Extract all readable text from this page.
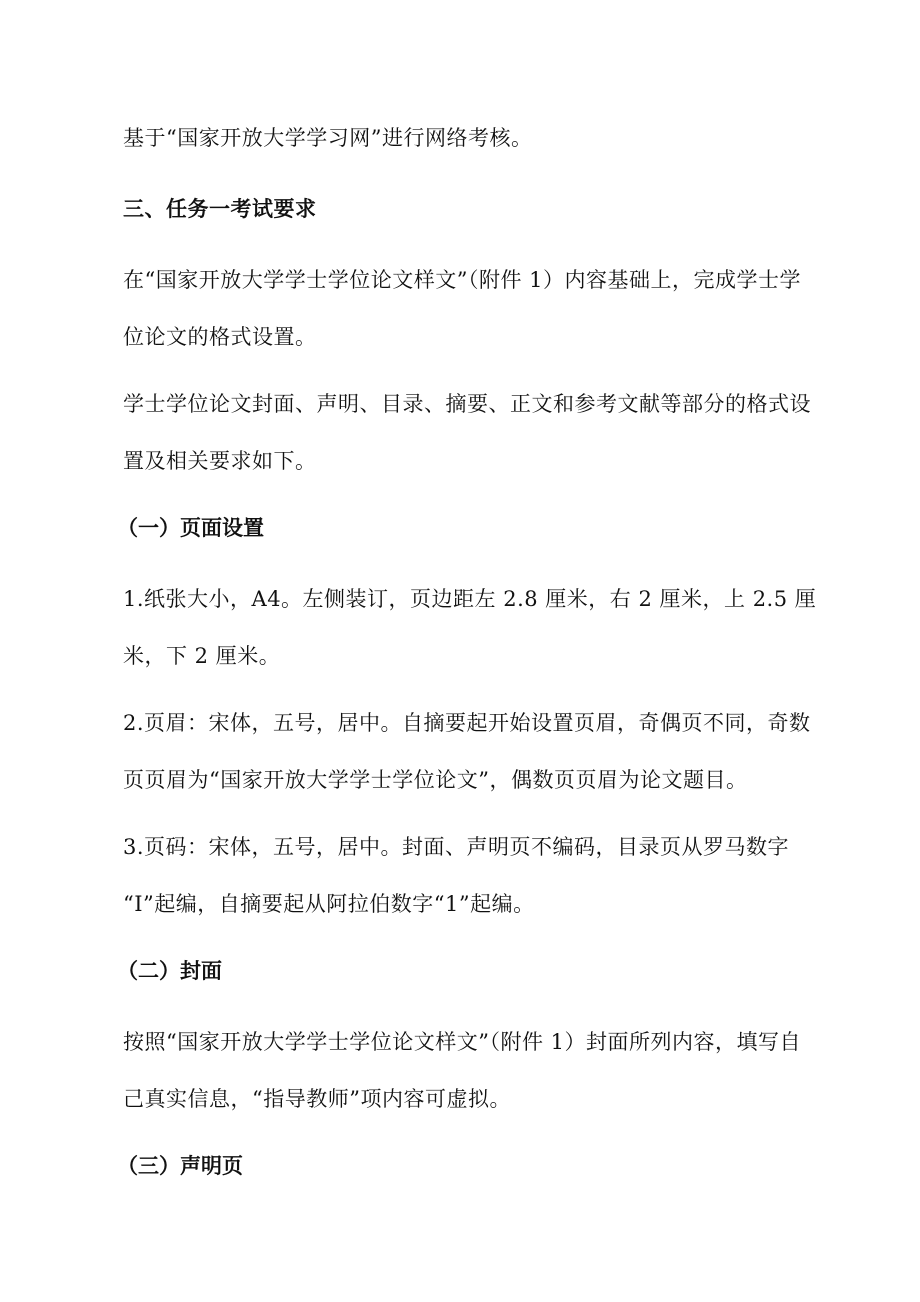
基于“国家开放大学学习网”进行网络考核。

三、任务一考试要求

在“国家开放大学学士学位论文样文”（附件 1）内容基础上，完成学士学
位论文的格式设置。

学士学位论文封面、声明、目录、摘要、正文和参考文献等部分的格式设
置及相关要求如下。

（一）页面设置

1.纸张大小，A4。左侧装订，页边距左 2.8 厘米，右 2 厘米，上 2.5 厘
米，下 2 厘米。

2.页眉：宋体，五号，居中。自摘要起开始设置页眉，奇偶页不同，奇数
页页眉为“国家开放大学学士学位论文”，偶数页页眉为论文题目。

3.页码：宋体，五号，居中。封面、声明页不编码，目录页从罗马数字
“I”起编，自摘要起从阿拉伯数字“1”起编。

（二）封面

按照“国家开放大学学士学位论文样文”（附件 1）封面所列内容，填写自
己真实信息，“指导教师”项内容可虚拟。

（三）声明页
